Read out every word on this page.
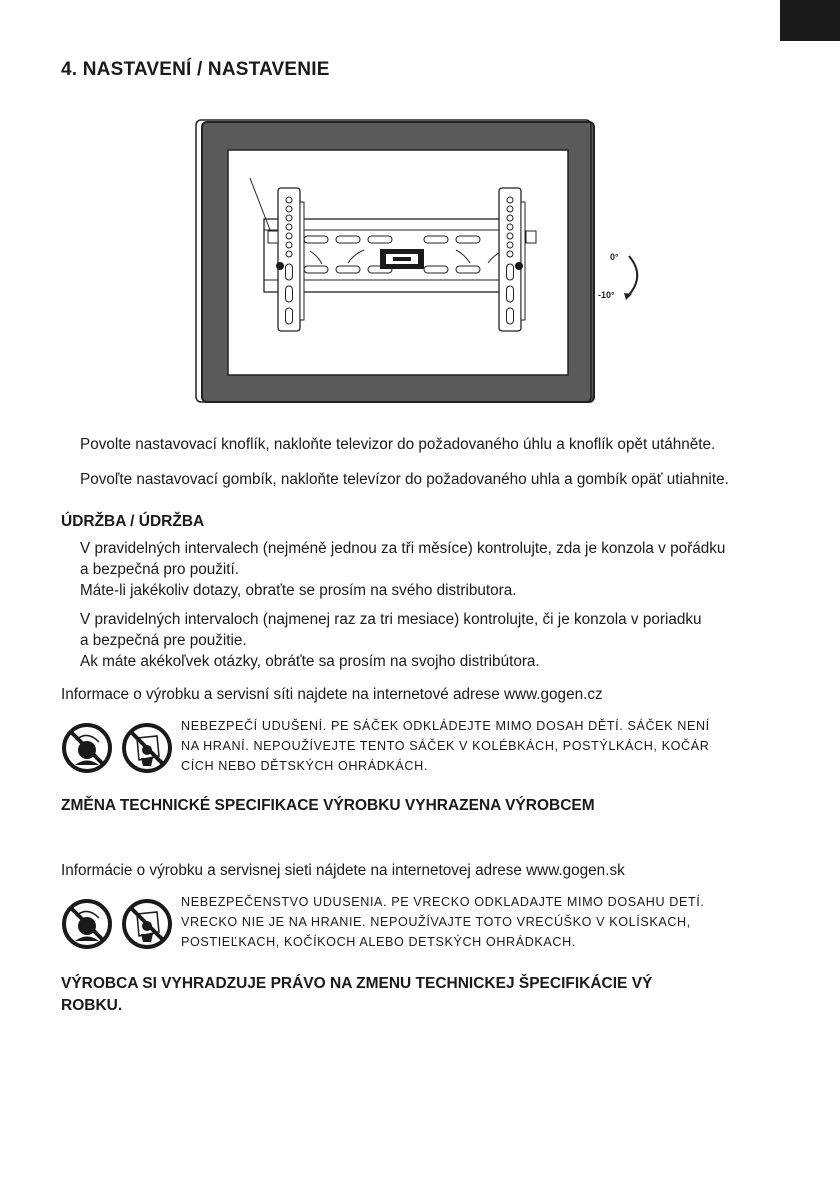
4. NASTAVENÍ / NASTAVENIE
0°
-10°

Povolte nastavovací knoflík, nakloňte televizor do požadovaného úhlu a knoflík opět utáhněte.

Povoľte nastavovací gombík, nakloňte televízor do požadovaného uhla a gombík opäť utiahnite.

ÚDRŽBA / ÚDRŽBA

V pravidelných intervalech (nejméně jednou za tři měsíce) kontrolujte, zda je konzola v pořádku
a bezpečná pro použití.
Máte-li jakékoliv dotazy, obraťte se prosím na svého distributora.

V pravidelných intervaloch (najmenej raz za tri mesiace) kontrolujte, či je konzola v poriadku
a bezpečná pre použitie.
Ak máte akékoľvek otázky, obráťte sa prosím na svojho distribútora.

Informace o výrobku a servisní síti najdete na internetové adrese www.gogen.cz

NEBEZPEČÍ UDUŠENÍ. PE SÁČEK ODKLÁDEJTE MIMO DOSAH DĚTÍ. SÁČEK NENÍ
NA HRANÍ. NEPOUŽÍVEJTE TENTO SÁČEK V KOLÉBKÁCH, POSTÝLKÁCH, KOČÁR
CÍCH NEBO DĚTSKÝCH OHRÁDKÁCH.

ZMĚNA TECHNICKÉ SPECIFIKACE VÝROBKU VYHRAZENA VÝROBCEM

Informácie o výrobku a servisnej sieti nájdete na internetovej adrese www.gogen.sk

NEBEZPEČENSTVO UDUSENIA. PE VRECKO ODKLADAJTE MIMO DOSAHU DETÍ.
VRECKO NIE JE NA HRANIE. NEPOUŽÍVAJTE TOTO VRECÚŠKO V KOLÍSKACH,
POSTIEĽKACH, KOČÍKOCH ALEBO DETSKÝCH OHRÁDKACH.

VÝROBCA SI VYHRADZUJE PRÁVO NA ZMENU TECHNICKEJ ŠPECIFIKÁCIE VÝ
ROBKU.
